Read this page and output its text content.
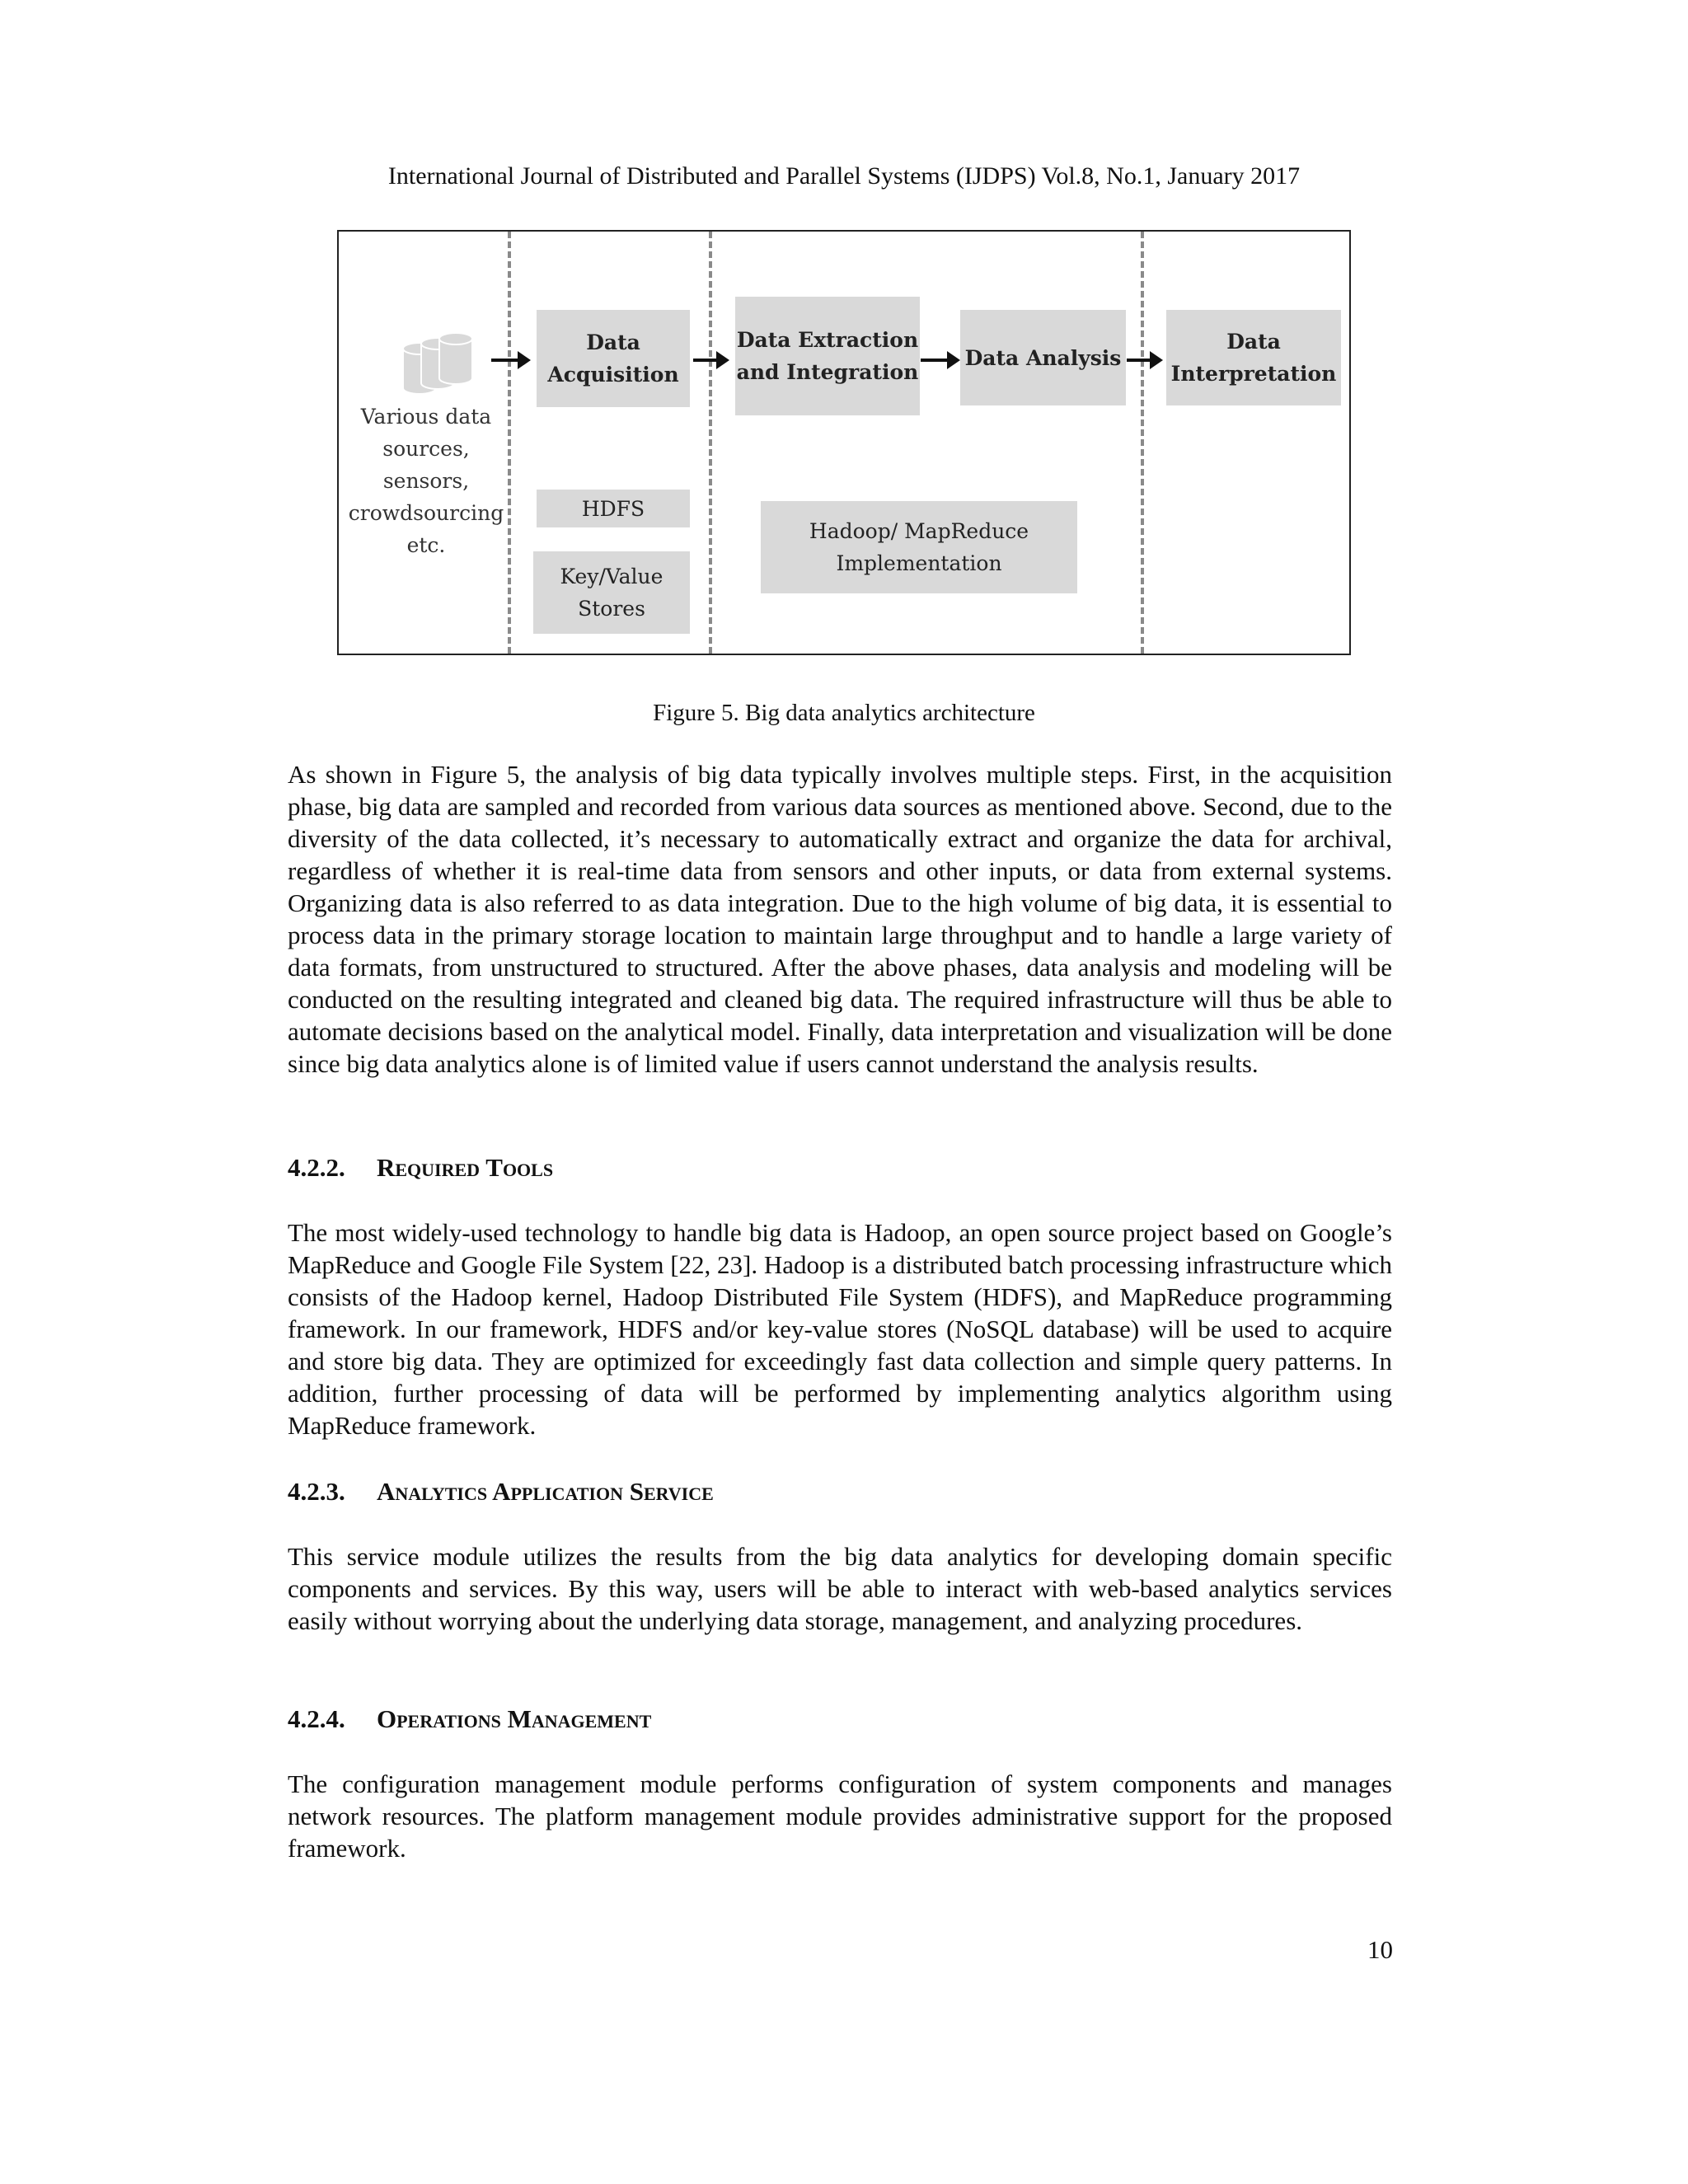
International Journal of Distributed and Parallel Systems (IJDPS) Vol.8, No.1, January 2017
Various data sources, sensors, crowdsourcing etc.
Data Acquisition
Data Extraction and Integration
Data Analysis
Data Interpretation
HDFS
Key/Value Stores
Hadoop/ MapReduce Implementation
Figure 5. Big data analytics architecture

As shown in Figure 5, the analysis of big data typically involves multiple steps. First, in the acquisition phase, big data are sampled and recorded from various data sources as mentioned above. Second, due to the diversity of the data collected, it’s necessary to automatically extract and organize the data for archival, regardless of whether it is real-time data from sensors and other inputs, or data from external systems. Organizing data is also referred to as data integration. Due to the high volume of big data, it is essential to process data in the primary storage location to maintain large throughput and to handle a large variety of data formats, from unstructured to structured. After the above phases, data analysis and modeling will be conducted on the resulting integrated and cleaned big data. The required infrastructure will thus be able to automate decisions based on the analytical model. Finally, data interpretation and visualization will be done since big data analytics alone is of limited value if users cannot understand the analysis results.

4.2.2. Required Tools

The most widely-used technology to handle big data is Hadoop, an open source project based on Google’s MapReduce and Google File System [22, 23]. Hadoop is a distributed batch processing infrastructure which consists of the Hadoop kernel, Hadoop Distributed File System (HDFS), and MapReduce programming framework. In our framework, HDFS and/or key-value stores (NoSQL database) will be used to acquire and store big data. They are optimized for exceedingly fast data collection and simple query patterns. In addition, further processing of data will be performed by implementing analytics algorithm using MapReduce framework.

4.2.3. Analytics Application Service

This service module utilizes the results from the big data analytics for developing domain specific components and services. By this way, users will be able to interact with web-based analytics services easily without worrying about the underlying data storage, management, and analyzing procedures.

4.2.4. Operations Management

The configuration management module performs configuration of system components and manages network resources. The platform management module provides administrative support for the proposed framework.

10
